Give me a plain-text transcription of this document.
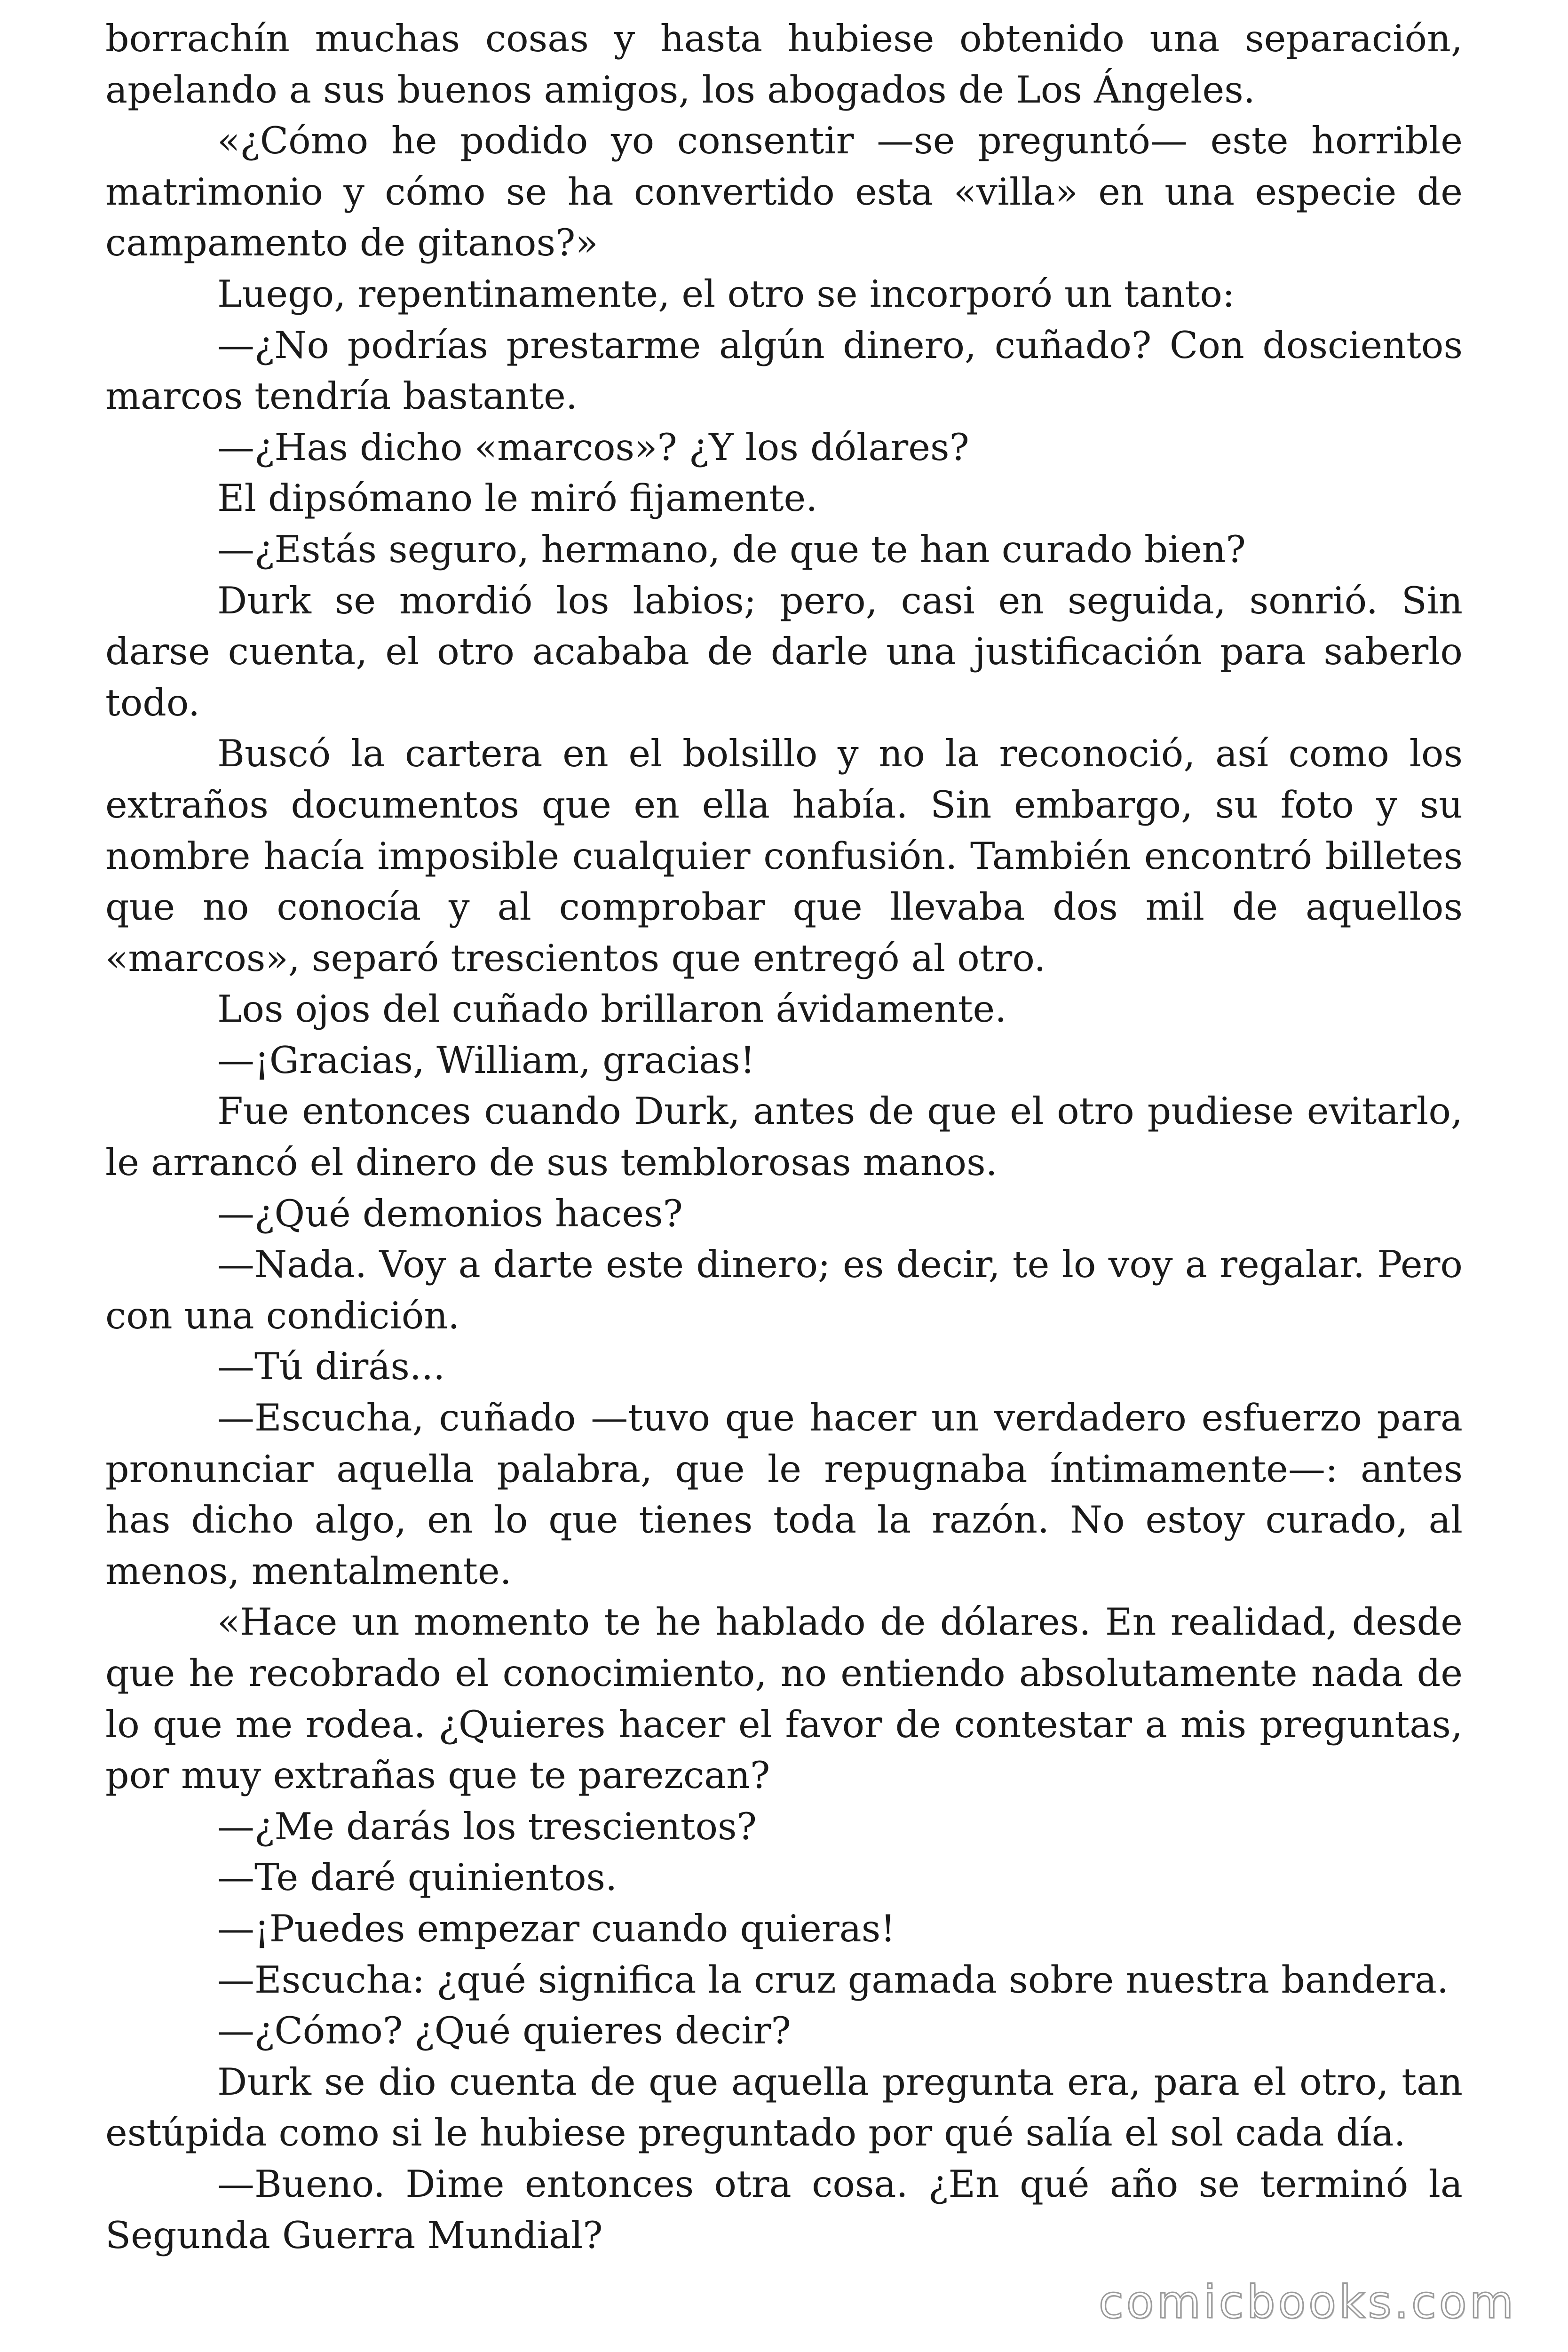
borrachín muchas cosas y hasta hubiese obtenido una separación, apelando a sus buenos amigos, los abogados de Los Ángeles.

«¿Cómo he podido yo consentir —se preguntó— este horrible matrimonio y cómo se ha convertido esta «villa» en una especie de campamento de gitanos?»

Luego, repentinamente, el otro se incorporó un tanto:

—¿No podrías prestarme algún dinero, cuñado? Con doscientos marcos tendría bastante.

—¿Has dicho «marcos»? ¿Y los dólares?

El dipsómano le miró fijamente.

—¿Estás seguro, hermano, de que te han curado bien?

Durk se mordió los labios; pero, casi en seguida, sonrió. Sin darse cuenta, el otro acababa de darle una justificación para saberlo todo.

Buscó la cartera en el bolsillo y no la reconoció, así como los extraños documentos que en ella había. Sin embargo, su foto y su nombre hacía imposible cualquier confusión. También encontró billetes que no conocía y al comprobar que llevaba dos mil de aquellos «marcos», separó trescientos que entregó al otro.

Los ojos del cuñado brillaron ávidamente.

—¡Gracias, William, gracias!

Fue entonces cuando Durk, antes de que el otro pudiese evitarlo, le arrancó el dinero de sus temblorosas manos.

—¿Qué demonios haces?

—Nada. Voy a darte este dinero; es decir, te lo voy a regalar. Pero con una condición.

—Tú dirás...

—Escucha, cuñado —tuvo que hacer un verdadero esfuerzo para pronunciar aquella palabra, que le repugnaba íntimamente—: antes has dicho algo, en lo que tienes toda la razón. No estoy curado, al menos, mentalmente.

«Hace un momento te he hablado de dólares. En realidad, desde que he recobrado el conocimiento, no entiendo absolutamente nada de lo que me rodea. ¿Quieres hacer el favor de contestar a mis preguntas, por muy extrañas que te parezcan?

—¿Me darás los trescientos?

—Te daré quinientos.

—¡Puedes empezar cuando quieras!

—Escucha: ¿qué significa la cruz gamada sobre nuestra bandera.

—¿Cómo? ¿Qué quieres decir?

Durk se dio cuenta de que aquella pregunta era, para el otro, tan estúpida como si le hubiese preguntado por qué salía el sol cada día.

—Bueno. Dime entonces otra cosa. ¿En qué año se terminó la Segunda Guerra Mundial?

comicbooks.com
